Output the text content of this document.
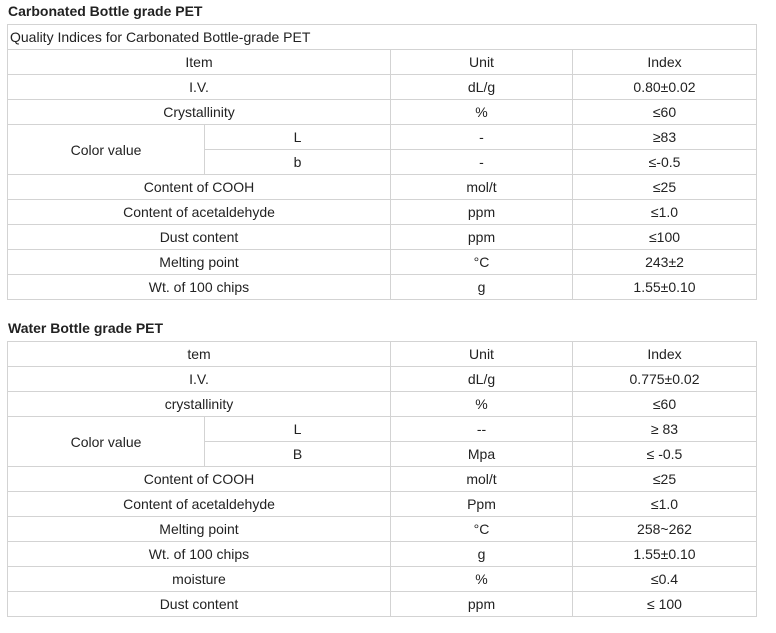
Carbonated Bottle grade PET
Quality Indices for Carbonated Bottle-grade PET			
Item		Unit	Index
I.V.		dL/g	0.80±0.02
Crystallinity		%	≤60
Color value	L	-	≥83
	b	-	≤-0.5
Content of COOH		mol/t	≤25
Content of acetaldehyde		ppm	≤1.0
Dust content		ppm	≤100
Melting point		°C	243±2
Wt. of 100 chips		g	1.55±0.10
Water Bottle grade PET
tem		Unit	Index
I.V.		dL/g	0.775±0.02
crystallinity		%	≤60
Color value	L	--	≥ 83
	B	Mpa	≤ -0.5
Content of COOH		mol/t	≤25
Content of acetaldehyde		Ppm	≤1.0
Melting point		°C	258~262
Wt. of 100 chips		g	1.55±0.10
moisture		%	≤0.4
Dust content		ppm	≤ 100
